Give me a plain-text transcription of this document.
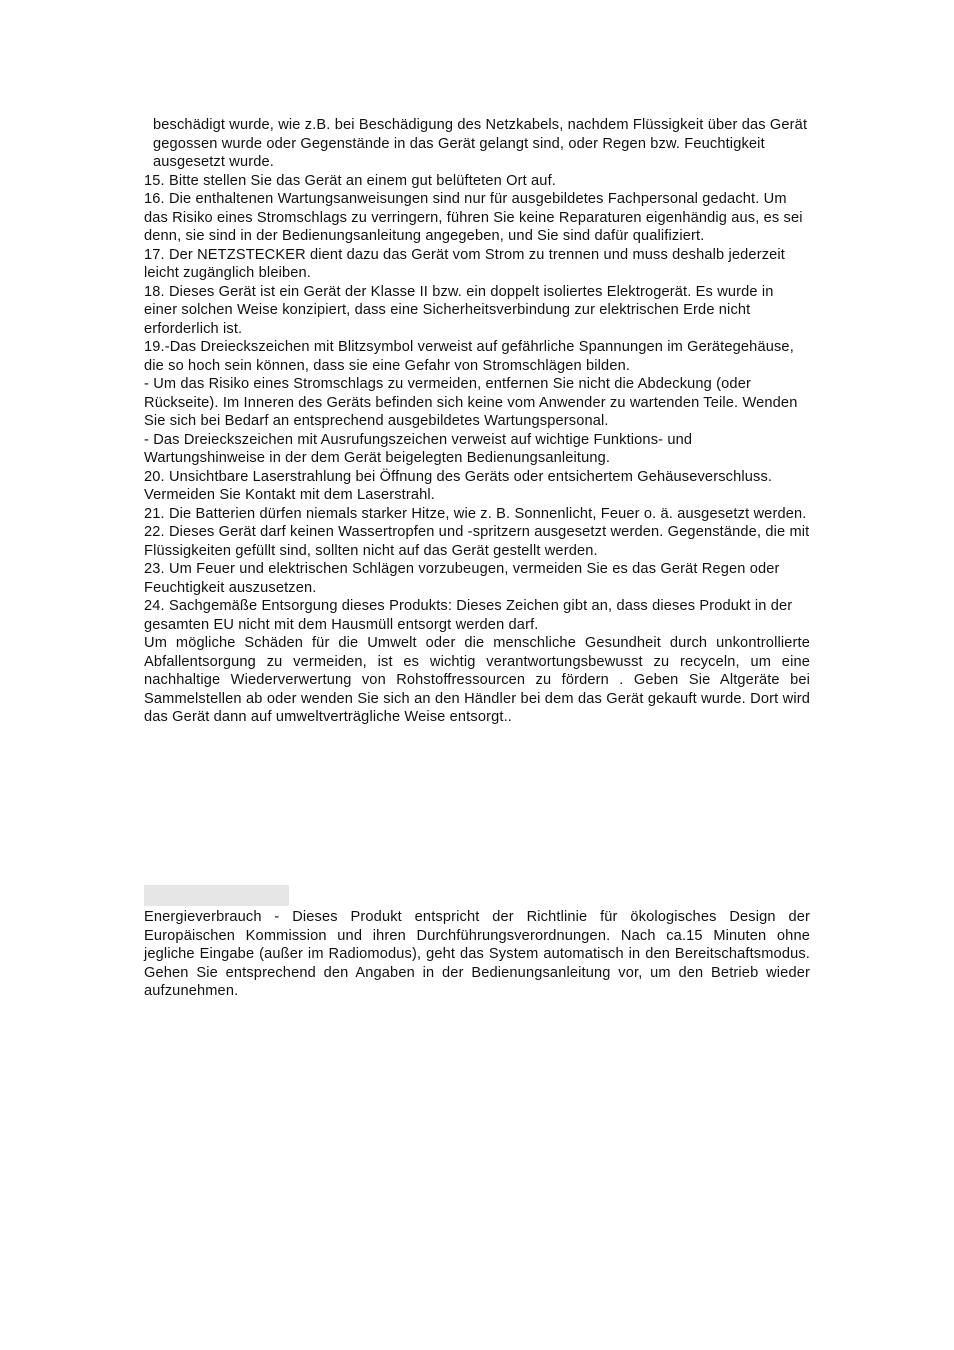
beschädigt wurde, wie z.B. bei Beschädigung des Netzkabels, nachdem Flüssigkeit über das Gerät gegossen wurde oder Gegenstände in das Gerät gelangt sind, oder Regen bzw. Feuchtigkeit ausgesetzt wurde.

15. Bitte stellen Sie das Gerät an einem gut belüfteten Ort auf.

16. Die enthaltenen Wartungsanweisungen sind nur für ausgebildetes Fachpersonal gedacht. Um das Risiko eines Stromschlags zu verringern, führen Sie keine Reparaturen eigenhändig aus, es sei denn, sie sind in der Bedienungsanleitung angegeben, und Sie sind dafür qualifiziert.

17. Der NETZSTECKER dient dazu das Gerät vom Strom zu trennen und muss deshalb jederzeit leicht zugänglich bleiben.

18. Dieses Gerät ist ein Gerät der Klasse II bzw. ein doppelt isoliertes Elektrogerät. Es wurde in einer solchen Weise konzipiert, dass eine Sicherheitsverbindung zur elektrischen Erde nicht erforderlich ist.

19.-Das Dreieckszeichen mit Blitzsymbol verweist auf gefährliche Spannungen im Gerätegehäuse, die so hoch sein können, dass sie eine Gefahr von Stromschlägen bilden.

- Um das Risiko eines Stromschlags zu vermeiden, entfernen Sie nicht die Abdeckung (oder Rückseite). Im Inneren des Geräts befinden sich keine vom Anwender zu wartenden Teile. Wenden Sie sich bei Bedarf an entsprechend ausgebildetes Wartungspersonal.

- Das Dreieckszeichen mit Ausrufungszeichen verweist auf wichtige Funktions- und Wartungshinweise in der dem Gerät beigelegten Bedienungsanleitung.

20. Unsichtbare Laserstrahlung bei Öffnung des Geräts oder entsichertem Gehäuseverschluss. Vermeiden Sie Kontakt mit dem Laserstrahl.

21. Die Batterien dürfen niemals starker Hitze, wie z. B. Sonnenlicht, Feuer o. ä. ausgesetzt werden.

22. Dieses Gerät darf keinen Wassertropfen und -spritzern ausgesetzt werden. Gegenstände, die mit Flüssigkeiten gefüllt sind, sollten nicht auf das Gerät gestellt werden.

23. Um Feuer und elektrischen Schlägen vorzubeugen, vermeiden Sie es das Gerät Regen oder Feuchtigkeit auszusetzen.

24. Sachgemäße Entsorgung dieses Produkts: Dieses Zeichen gibt an, dass dieses Produkt in der gesamten EU nicht mit dem Hausmüll entsorgt werden darf.

Um mögliche Schäden für die Umwelt oder die menschliche Gesundheit durch unkontrollierte Abfallentsorgung zu vermeiden, ist es wichtig verantwortungsbewusst zu recyceln, um eine nachhaltige Wiederverwertung von Rohstoffressourcen zu fördern . Geben Sie Altgeräte bei Sammelstellen ab oder wenden Sie sich an den Händler bei dem das Gerät gekauft wurde. Dort wird das Gerät dann auf umweltverträgliche Weise entsorgt..

Energieverbrauch - Dieses Produkt entspricht der Richtlinie für ökologisches Design der Europäischen Kommission und ihren Durchführungsverordnungen. Nach ca.15 Minuten ohne jegliche Eingabe (außer im Radiomodus), geht das System automatisch in den Bereitschaftsmodus. Gehen Sie entsprechend den Angaben in der Bedienungsanleitung vor, um den Betrieb wieder aufzunehmen.
